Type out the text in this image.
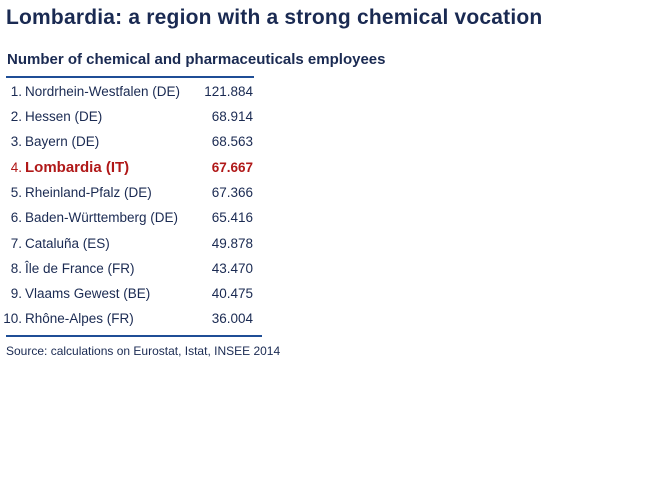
Lombardia: a region with a strong chemical vocation
Number of chemical and pharmaceuticals employees
1. Nordrhein-Westfalen (DE) 121.884
2. Hessen (DE)	68.914
3. Bayern (DE)	68.563
4. Lombardia (IT)	67.667
5. Rheinland-Pfalz (DE)	67.366
6. Baden-Württemberg (DE) 65.416
7. Cataluña (ES)	49.878
8. Île de France (FR)	43.470
9. Vlaams Gewest (BE)	40.475
10. Rhône-Alpes (FR)	36.004
Source: calculations on Eurostat, Istat, INSEE 2014
